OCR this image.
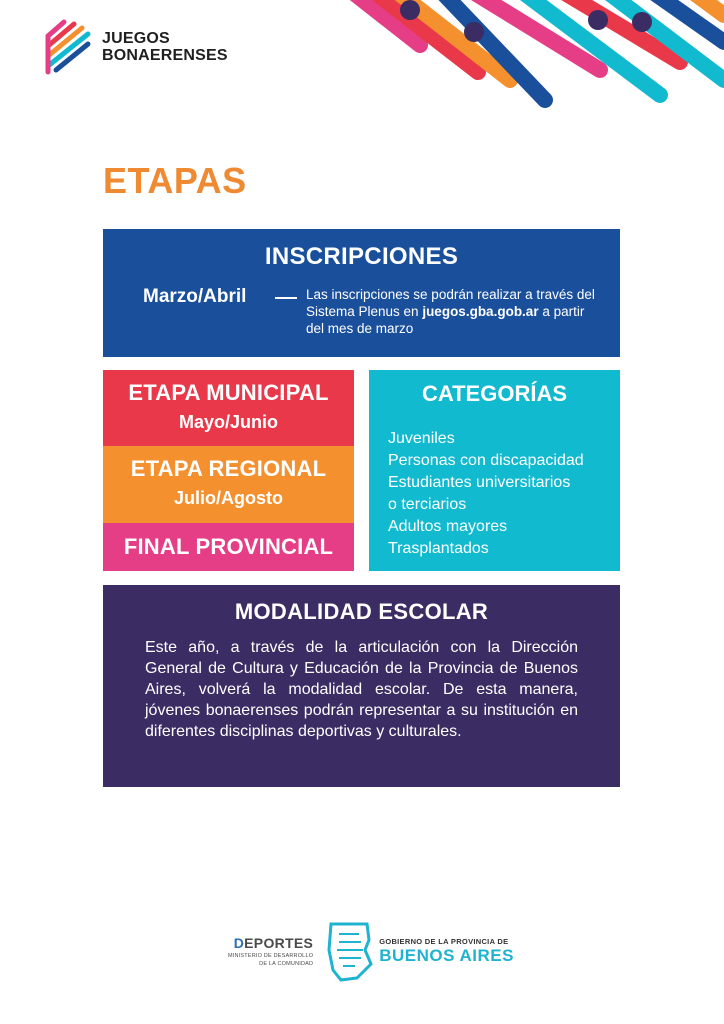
JUEGOS
BONAERENSES
ETAPAS
INSCRIPCIONES
Marzo/Abril	Las inscripciones se podrán realizar a través del Sistema Plenus en juegos.gba.gob.ar a partir del mes de marzo

ETAPA MUNICIPAL
Mayo/Junio
ETAPA REGIONAL
Julio/Agosto
FINAL PROVINCIAL
CATEGORÍAS
Juveniles
Personas con discapacidad
Estudiantes universitarios
o terciarios
Adultos mayores
Trasplantados
MODALIDAD ESCOLAR

Este año, a través de la articulación con la Dirección General de Cultura y Educación de la Provincia de Buenos Aires, volverá la modalidad escolar. De esta manera, jóvenes bonaerenses podrán representar a su institución en diferentes disciplinas deportivas y culturales.

DEPORTES
MINISTERIO DE DESARROLLO
DE LA COMUNIDAD
GOBIERNO DE LA PROVINCIA DE
BUENOS AIRES
